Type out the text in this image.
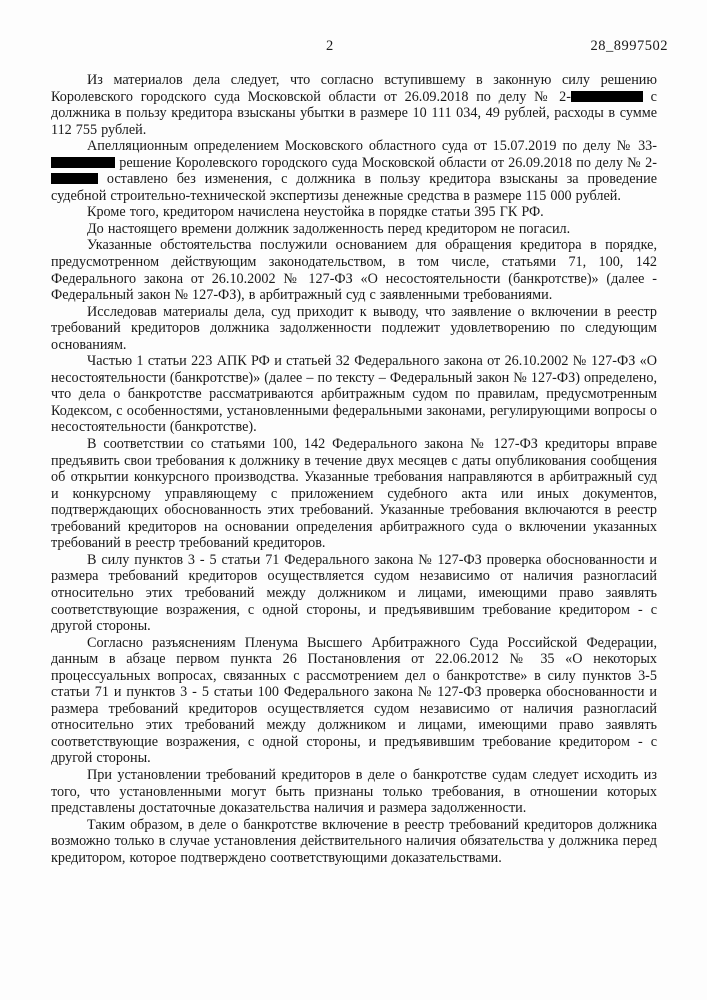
2	28_8997502

Из материалов дела следует, что согласно вступившему в законную силу решению Королевского городского суда Московской области от 26.09.2018 по делу № 2-	с должника в пользу кредитора взысканы убытки в размере 10 111 034, 49 рублей, расходы в сумме 112 755 рублей.

Апелляционным определением Московского областного суда от 15.07.2019 по делу № 33- решение Королевского городского суда Московской области от 26.09.2018 по делу № 2- оставлено без изменения, с должника в пользу кредитора взысканы за проведение судебной строительно-технической экспертизы денежные средства в размере 115 000 рублей.

Кроме того, кредитором начислена неустойка в порядке статьи 395 ГК РФ.

До настоящего времени должник задолженность перед кредитором не погасил.

Указанные обстоятельства послужили основанием для обращения кредитора в порядке, предусмотренном действующим законодательством, в том числе, статьями 71, 100, 142 Федерального закона от 26.10.2002 № 127-ФЗ «О несостоятельности (банкротстве)» (далее - Федеральный закон № 127-ФЗ), в арбитражный суд с заявленными требованиями.

Исследовав материалы дела, суд приходит к выводу, что заявление о включении в реестр требований кредиторов должника задолженности подлежит удовлетворению по следующим основаниям.

Частью 1 статьи 223 АПК РФ и статьей 32 Федерального закона от 26.10.2002 № 127-ФЗ «О несостоятельности (банкротстве)» (далее – по тексту – Федеральный закон № 127-ФЗ) определено, что дела о банкротстве рассматриваются арбитражным судом по правилам, предусмотренным Кодексом, с особенностями, установленными федеральными законами, регулирующими вопросы о несостоятельности (банкротстве).

В соответствии со статьями 100, 142 Федерального закона № 127-ФЗ кредиторы вправе предъявить свои требования к должнику в течение двух месяцев с даты опубликования сообщения об открытии конкурсного производства. Указанные требования направляются в арбитражный суд и конкурсному управляющему с приложением судебного акта или иных документов, подтверждающих обоснованность этих требований. Указанные требования включаются в реестр требований кредиторов на основании определения арбитражного суда о включении указанных требований в реестр требований кредиторов.

В силу пунктов 3 - 5 статьи 71 Федерального закона № 127-ФЗ проверка обоснованности и размера требований кредиторов осуществляется судом независимо от наличия разногласий относительно этих требований между должником и лицами, имеющими право заявлять соответствующие возражения, с одной стороны, и предъявившим требование кредитором - с другой стороны.

Согласно разъяснениям Пленума Высшего Арбитражного Суда Российской Федерации, данным в абзаце первом пункта 26 Постановления от 22.06.2012 № 35 «О некоторых процессуальных вопросах, связанных с рассмотрением дел о банкротстве» в силу пунктов 3-5 статьи 71 и пунктов 3 - 5 статьи 100 Федерального закона № 127-ФЗ проверка обоснованности и размера требований кредиторов осуществляется судом независимо от наличия разногласий относительно этих требований между должником и лицами, имеющими право заявлять соответствующие возражения, с одной стороны, и предъявившим требование кредитором - с другой стороны.

При установлении требований кредиторов в деле о банкротстве судам следует исходить из того, что установленными могут быть признаны только требования, в отношении которых представлены достаточные доказательства наличия и размера задолженности.

Таким образом, в деле о банкротстве включение в реестр требований кредиторов должника возможно только в случае установления действительного наличия обязательства у должника перед кредитором, которое подтверждено соответствующими доказательствами.
